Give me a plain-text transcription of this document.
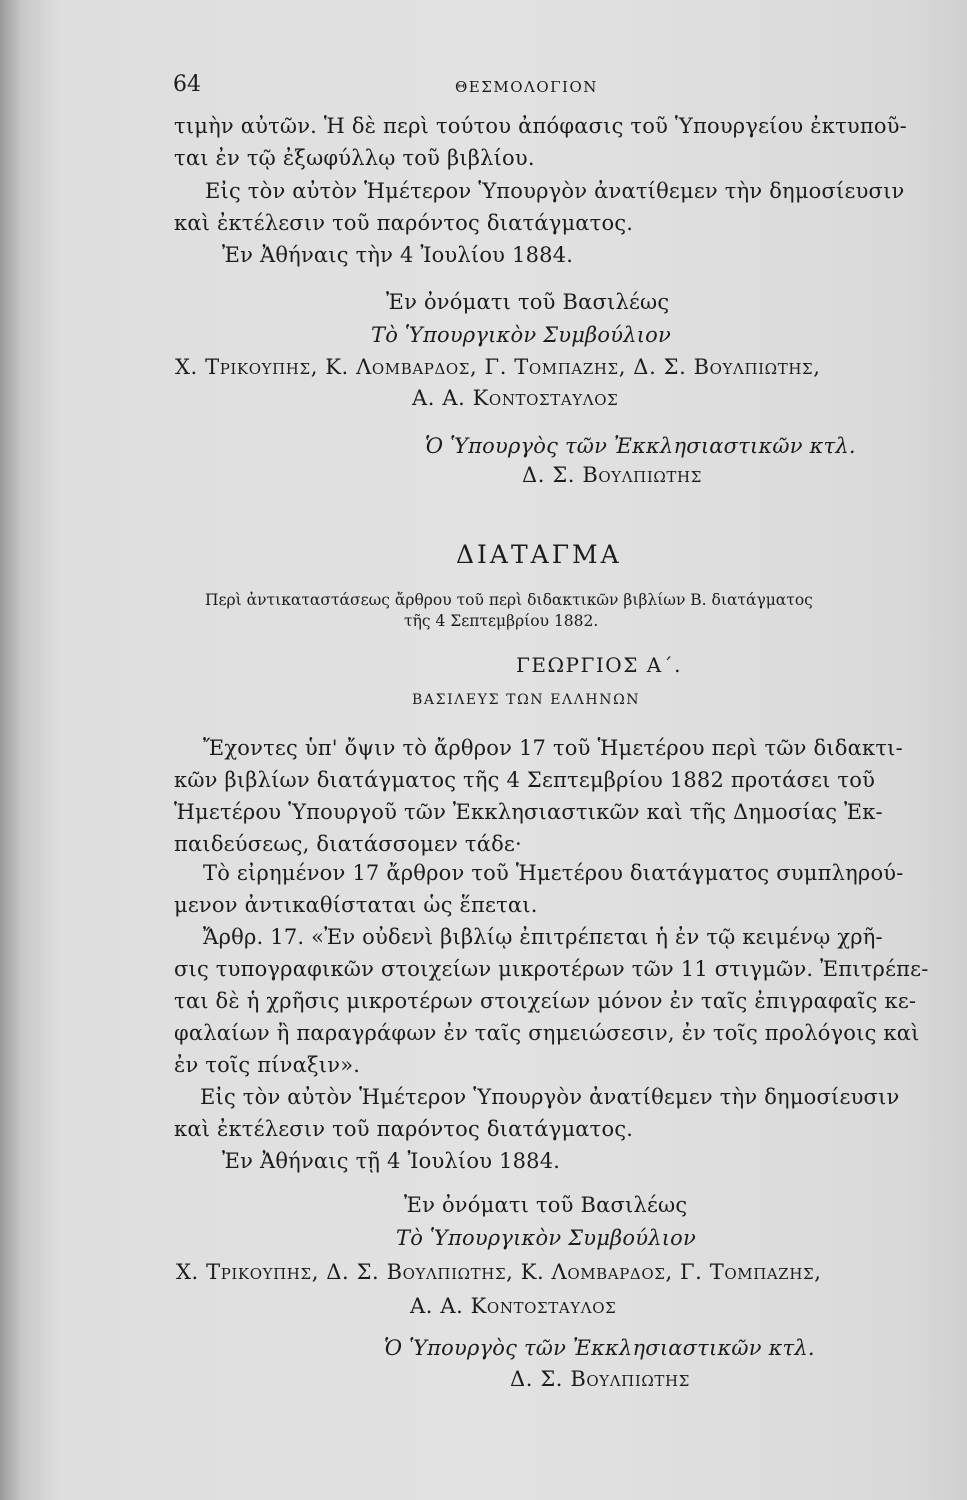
64	ΘΕΣΜΟΛΟΓΙΟΝ
τιμὴν αὐτῶν. Ἡ δὲ περὶ τούτου ἀπόφασις τοῦ Ὑπουργείου ἐκτυποῦ-
ται ἐν τῷ ἐξωφύλλῳ τοῦ βιβλίου.
Εἰς τὸν αὐτὸν Ἡμέτερον Ὑπουργὸν ἀνατίθεμεν τὴν δημοσίευσιν
καὶ ἐκτέλεσιν τοῦ παρόντος διατάγματος.
Ἐν Ἀθήναις τὴν 4 Ἰουλίου 1884.
Ἐν ὀνόματι τοῦ Βασιλέως
Τὸ Ὑπουργικὸν Συμβούλιον
Χ. Τρικουπης, Κ. Λομβαρδος, Γ. Τομπαζης, Δ. Σ. Βουλπιωτης,
Α. Α. Κοντοσταυλος
Ὁ Ὑπουργὸς τῶν Ἐκκλησιαστικῶν κτλ.
Δ. Σ. Βουλπιωτης
ΔΙΑΤΑΓΜΑ
Περὶ ἀντικαταστάσεως ἄρθρου τοῦ περὶ διδακτικῶν βιβλίων Β. διατάγματος
τῆς 4 Σεπτεμβρίου 1882.
ΓΕΩΡΓΙΟΣ Α΄.
ΒΑΣΙΛΕΥΣ ΤΩΝ ΕΛΛΗΝΩΝ
Ἔχοντες ὑπ' ὄψιν τὸ ἄρθρον 17 τοῦ Ἡμετέρου περὶ τῶν διδακτι-
κῶν βιβλίων διατάγματος τῆς 4 Σεπτεμβρίου 1882 προτάσει τοῦ
Ἡμετέρου Ὑπουργοῦ τῶν Ἐκκλησιαστικῶν καὶ τῆς Δημοσίας Ἐκ-
παιδεύσεως, διατάσσομεν τάδε·
Τὸ εἰρημένον 17 ἄρθρον τοῦ Ἡμετέρου διατάγματος συμπληρού-
μενον ἀντικαθίσταται ὡς ἕπεται.
Ἄρθρ. 17. «Ἐν οὐδενὶ βιβλίῳ ἐπιτρέπεται ἡ ἐν τῷ κειμένῳ χρῆ-
σις τυπογραφικῶν στοιχείων μικροτέρων τῶν 11 στιγμῶν. Ἐπιτρέπε-
ται δὲ ἡ χρῆσις μικροτέρων στοιχείων μόνον ἐν ταῖς ἐπιγραφαῖς κε-
φαλαίων ἢ παραγράφων ἐν ταῖς σημειώσεσιν, ἐν τοῖς προλόγοις καὶ
ἐν τοῖς πίναξιν».
Εἰς τὸν αὐτὸν Ἡμέτερον Ὑπουργὸν ἀνατίθεμεν τὴν δημοσίευσιν
καὶ ἐκτέλεσιν τοῦ παρόντος διατάγματος.
Ἐν Ἀθήναις τῇ 4 Ἰουλίου 1884.
Ἐν ὀνόματι τοῦ Βασιλέως
Τὸ Ὑπουργικὸν Συμβούλιον
Χ. Τρικουπης, Δ. Σ. Βουλπιωτης, Κ. Λομβαρδος, Γ. Τομπαζης,
Α. Α. Κοντοσταυλος
Ὁ Ὑπουργὸς τῶν Ἐκκλησιαστικῶν κτλ.
Δ. Σ. Βουλπιωτης
